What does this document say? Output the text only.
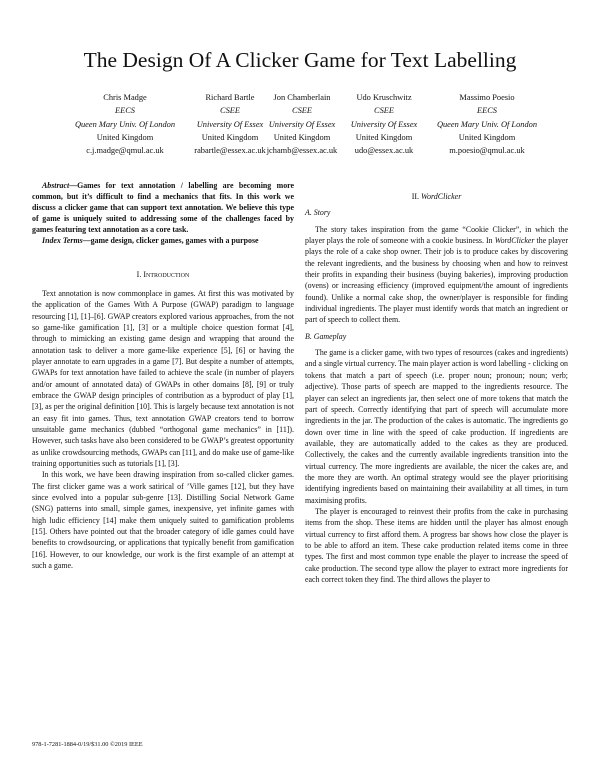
The Design Of A Clicker Game for Text Labelling
Chris Madge
EECS
Queen Mary Univ. Of London
United Kingdom
c.j.madge@qmul.ac.uk
Richard Bartle
CSEE
University Of Essex
United Kingdom
rabartle@essex.ac.uk
Jon Chamberlain
CSEE
University Of Essex
United Kingdom
jchamb@essex.ac.uk
Udo Kruschwitz
CSEE
University Of Essex
United Kingdom
udo@essex.ac.uk
Massimo Poesio
EECS
Queen Mary Univ. Of London
United Kingdom
m.poesio@qmul.ac.uk

Abstract—Games for text annotation / labelling are becoming more common, but it’s difficult to find a mechanics that fits. In this work we discuss a clicker game that can support text annotation. We believe this type of game is uniquely suited to addressing some of the challenges faced by games featuring text annotation as a core task.

Index Terms—game design, clicker games, games with a purpose

I. Introduction

Text annotation is now commonplace in games. At first this was motivated by the application of the Games With A Purpose (GWAP) paradigm to language resourcing [1], [1]–[6]. GWAP creators explored various approaches, from the not so game-like gamification [1], [3] or a multiple choice question format [4], through to mimicking an existing game design and wrapping that around the annotation task to deliver a more game-like experience [5], [6] or having the player annotate to earn upgrades in a game [7]. But despite a number of attempts, GWAPs for text annotation have failed to achieve the scale (in number of players and/or amount of annotated data) of GWAPs in other domains [8], [9] or truly embrace the GWAP design principles of contribution as a byproduct of play [1], [3], as per the original definition [10]. This is largely because text annotation is not an easy fit into games. Thus, text annotation GWAP creators tend to borrow unsuitable game mechanics (dubbed “orthogonal game mechanics” in [11]). However, such tasks have also been considered to be GWAP’s greatest opportunity as unlike crowdsourcing methods, GWAPs can [11], and do make use of game-like training opportunities such as tutorials [1], [3].

In this work, we have been drawing inspiration from so-called clicker games. The first clicker game was a work satirical of ’Ville games [12], but they have since evolved into a popular sub-genre [13]. Distilling Social Network Game (SNG) patterns into small, simple games, inexpensive, yet infinite games with high ludic efficiency [14] make them uniquely suited to gamification problems [15]. Others have pointed out that the broader category of idle games could have benefits to crowdsourcing, or applications that typically benefit from gamification [16]. However, to our knowledge, our work is the first example of an attempt at such a game.

II. WordClicker

A. Story

The story takes inspiration from the game “Cookie Clicker”, in which the player plays the role of someone with a cookie business. In WordClicker the player plays the role of a cake shop owner. Their job is to produce cakes by discovering the relevant ingredients, and the business by choosing when and how to reinvest their profits in expanding their business (buying bakeries), improving production (ovens) or increasing efficiency (improved equipment/the amount of ingredients found). Unlike a normal cake shop, the owner/player is responsible for finding individual ingredients. The player must identify words that match an ingredient or part of speech to collect them.

B. Gameplay

The game is a clicker game, with two types of resources (cakes and ingredients) and a single virtual currency. The main player action is word labelling - clicking on tokens that match a part of speech (i.e. proper noun; pronoun; noun; verb; adjective). Those parts of speech are mapped to the ingredients resource. The player can select an ingredients jar, then select one of more tokens that match the part of speech. Correctly identifying that part of speech will accumulate more ingredients in the jar. The production of the cakes is automatic. The ingredients go down over time in line with the speed of cake production. If ingredients are available, they are automatically added to the cakes as they are produced. Collectively, the cakes and the currently available ingredients transition into the virtual currency. The more ingredients are available, the nicer the cakes are, and the more they are worth. An optimal strategy would see the player prioritising identifying ingredients based on maintaining their availability at all times, in turn maximising profits.

The player is encouraged to reinvest their profits from the cake in purchasing items from the shop. These items are hidden until the player has almost enough virtual currency to first afford them. A progress bar shows how close the player is to be able to afford an item. These cake production related items come in three types. The first and most common type enable the player to increase the speed of cake production. The second type allow the player to extract more ingredients for each correct token they find. The third allows the player to

978-1-7281-1884-0/19/$31.00 ©2019 IEEE
